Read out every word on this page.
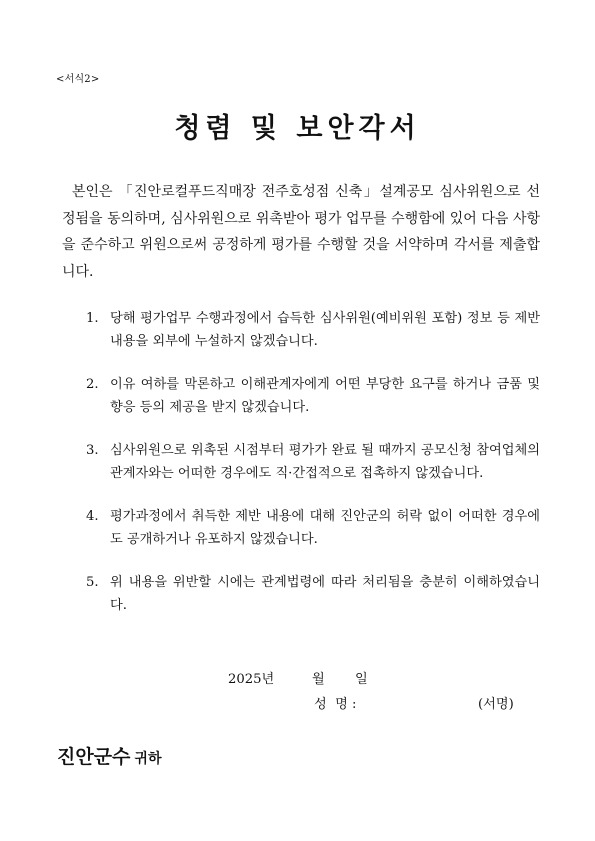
<서식2>
청렴 및 보안각서

본인은 「진안로컬푸드직매장 전주호성점 신축」설계공모 심사위원으로 선정됨을 동의하며, 심사위원으로 위촉받아 평가 업무를 수행함에 있어 다음 사항을 준수하고 위원으로써 공정하게 평가를 수행할 것을 서약하며 각서를 제출합니다.

1. 당해 평가업무 수행과정에서 습득한 심사위원(예비위원 포함) 정보 등 제반 내용을 외부에 누설하지 않겠습니다.
2. 이유 여하를 막론하고 이해관계자에게 어떤 부당한 요구를 하거나 금품 및 향응 등의 제공을 받지 않겠습니다.
3. 심사위원으로 위촉된 시점부터 평가가 완료 될 때까지 공모신청 참여업체의 관계자와는 어떠한 경우에도 직·간접적으로 접촉하지 않겠습니다.
4. 평가과정에서 취득한 제반 내용에 대해 진안군의 허락 없이 어떠한 경우에도 공개하거나 유포하지 않겠습니다.
5. 위 내용을 위반할 시에는 관계법령에 따라 처리됨을 충분히 이해하였습니다.
2025년	월 일
성  명 :	(서명)
진안군수 귀하
